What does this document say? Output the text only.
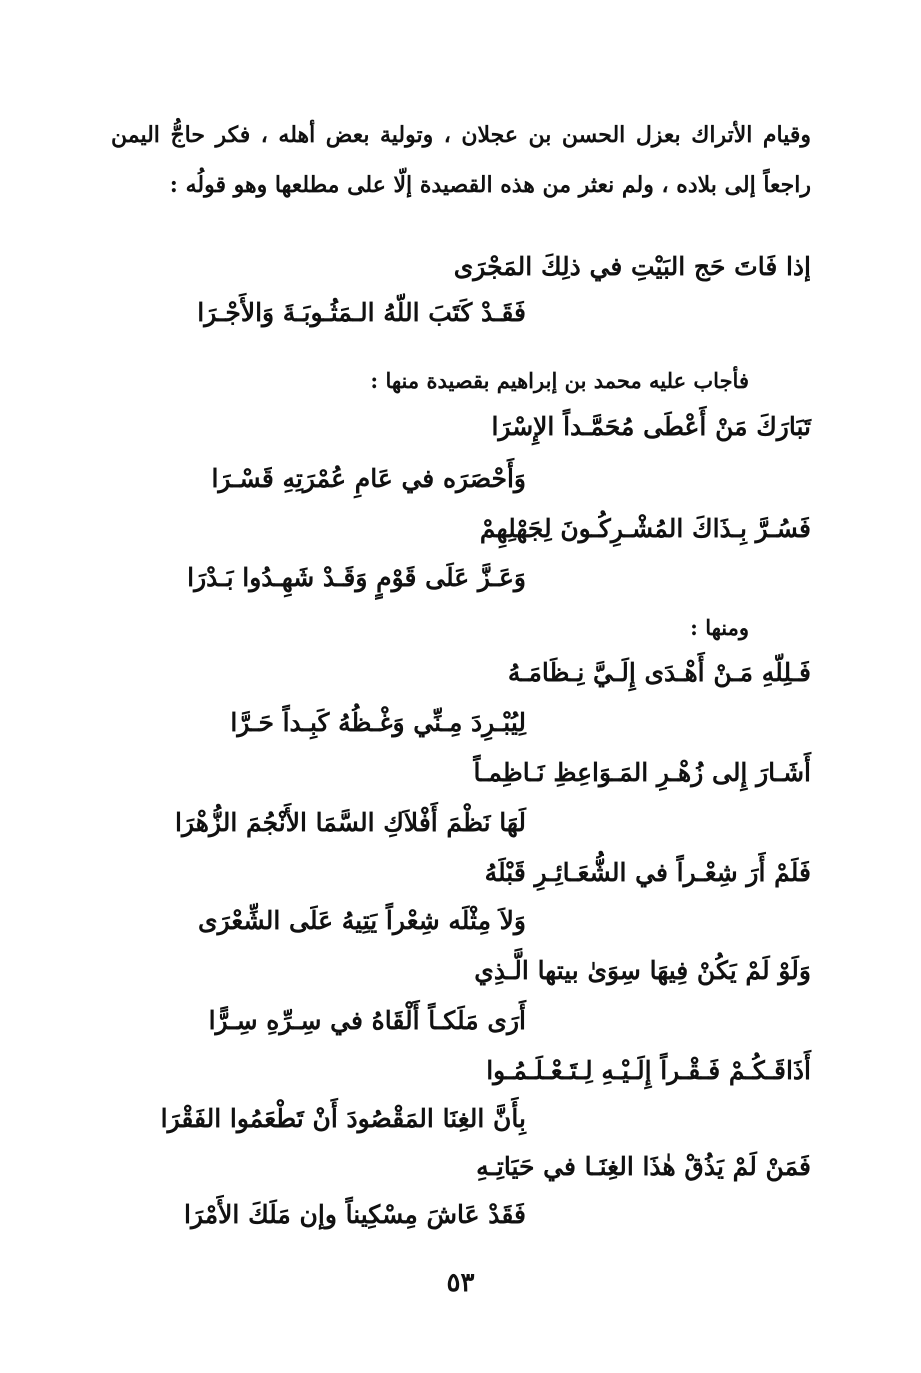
وقيام الأتراك بعزل الحسن بن عجلان ، وتولية بعض أهله ، فكر حاجُّ اليمن راجعاً إلى بلاده ، ولم نعثر من هذه القصيدة إلّا على مطلعها وهو قولُه :

إذا فَاتَ حَج البَيْتِ في ذلِكَ المَجْرَى
فَقَـدْ كَتَبَ اللّهُ الـمَثُـوبَـةَ وَالأَجْـرَا
فأجاب عليه محمد بن إبراهيم بقصيدة منها :
تَبَارَكَ مَنْ أَعْطَى مُحَمَّـداً الإِسْرَا
وَأَحْصَرَه في عَامِ عُمْرَتِهِ قَسْـرَا
فَسُـرَّ بِـذَاكَ المُشْـرِكُـونَ لِجَهْلِهِمْ
وَعَـزَّ عَلَى قَوْمٍ وَقَـدْ شَهِـدُوا بَـدْرَا
ومنها :
فَـلِلّهِ مَـنْ أَهْـدَى إِلَـيَّ نِـظَامَـهُ
لِيُبْـرِدَ مِـنِّي وَغْـظُهُ كَبِـداً حَـرَّا
أَشَـارَ إِلى زُهْـرِ المَـوَاعِظِ نَـاظِمـاً
لَهَا نَظْمَ أَفْلاَكِ السَّمَا الأَنْجُمَ الزُّهْرَا
فَلَمْ أَرَ شِعْـراً في الشُّعَـائِـرِ قَبْلَهُ
وَلاَ مِثْلَه شِعْراً يَتِيهُ عَلَى الشِّعْرَى
وَلَوْ لَمْ يَكُنْ فِيهَا سِوَىٰ بيتها الَّـذِي
أَرَى مَلَكـاً أَلْقَاهُ في سِـرِّهِ سِـرًّا
أَذَاقَـكُـمْ فَـقْـراً إِلَـيْـهِ لِـتَـعْـلَـمُـوا
بِأَنَّ الغِنَا المَقْصُودَ أَنْ تَطْعَمُوا الفَقْرَا
فَمَنْ لَمْ يَذُقْ هٰذَا الغِنَـا في حَيَاتِـهِ
فَقَدْ عَاشَ مِسْكِيناً وإن مَلَكَ الأَمْرَا
٥٣
